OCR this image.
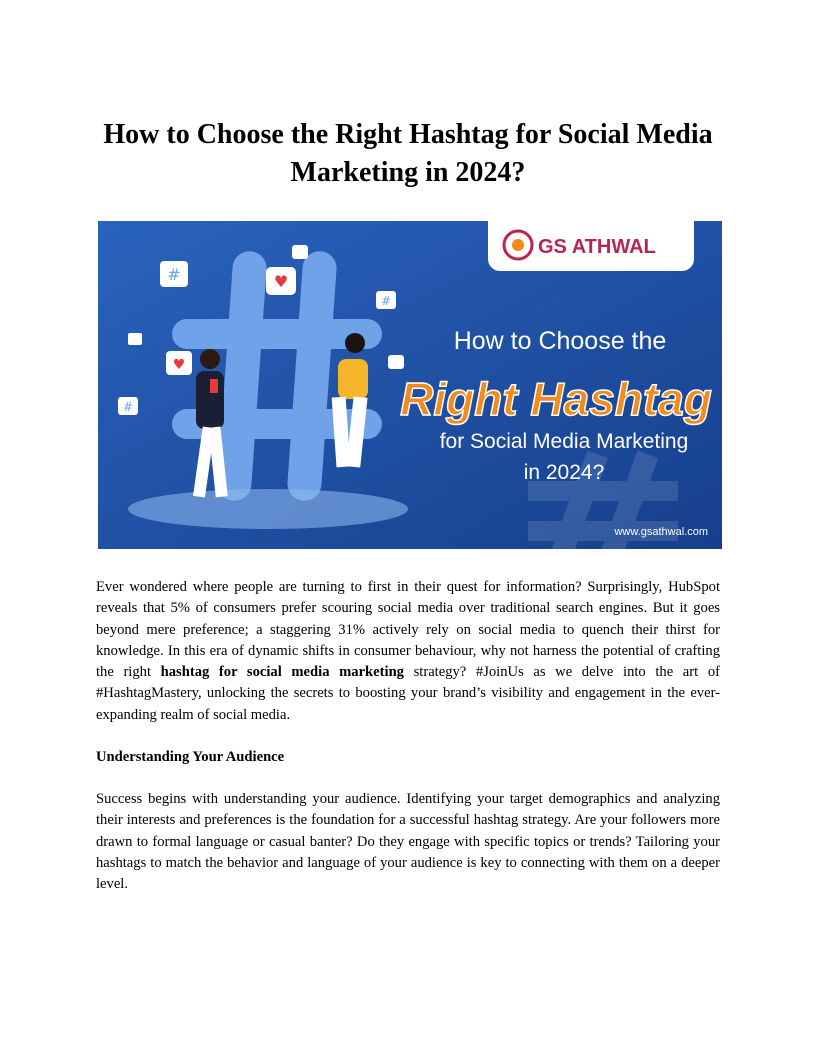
How to Choose the Right Hashtag for Social Media Marketing in 2024?
#	♥
♥
#
#
GS ATHWAL
How to Choose the
Right Hashtag
for Social Media Marketing
in 2024?
www.gsathwal.com

Ever wondered where people are turning to first in their quest for information? Surprisingly, HubSpot reveals that 5% of consumers prefer scouring social media over traditional search engines. But it goes beyond mere preference; a staggering 31% actively rely on social media to quench their thirst for knowledge. In this era of dynamic shifts in consumer behaviour, why not harness the potential of crafting the right hashtag for social media marketing strategy? #JoinUs as we delve into the art of #HashtagMastery, unlocking the secrets to boosting your brand’s visibility and engagement in the ever-expanding realm of social media.

Understanding Your Audience

Success begins with understanding your audience. Identifying your target demographics and analyzing their interests and preferences is the foundation for a successful hashtag strategy. Are your followers more drawn to formal language or casual banter? Do they engage with specific topics or trends? Tailoring your hashtags to match the behavior and language of your audience is key to connecting with them on a deeper level.
